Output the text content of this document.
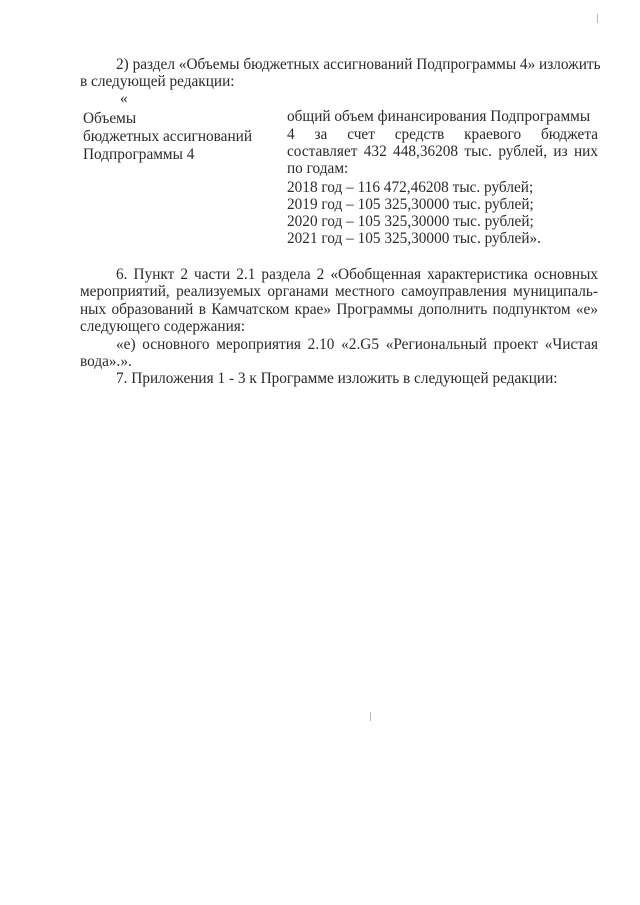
2) раздел «Объемы бюджетных ассигнований Подпрограммы 4» изложить
в следующей редакции:
«
Объемы
бюджетных ассигнований
Подпрограммы 4
общий объем финансирования Подпрограммы
4 за счет средств краевого бюджета
составляет 432 448,36208 тыс. рублей, из них
по годам:
2018 год – 116 472,46208 тыс. рублей;
2019 год – 105 325,30000 тыс. рублей;
2020 год – 105 325,30000 тыс. рублей;
2021 год – 105 325,30000 тыс. рублей».
6. Пункт 2 части 2.1 раздела 2 «Обобщенная характеристика основных
мероприятий, реализуемых органами местного самоуправления муниципаль-
ных образований в Камчатском крае» Программы дополнить подпунктом «е»
следующего содержания:
«е) основного мероприятия 2.10 «2.G5 «Региональный проект «Чистая
вода».».
7. Приложения 1 - 3 к Программе изложить в следующей редакции:
